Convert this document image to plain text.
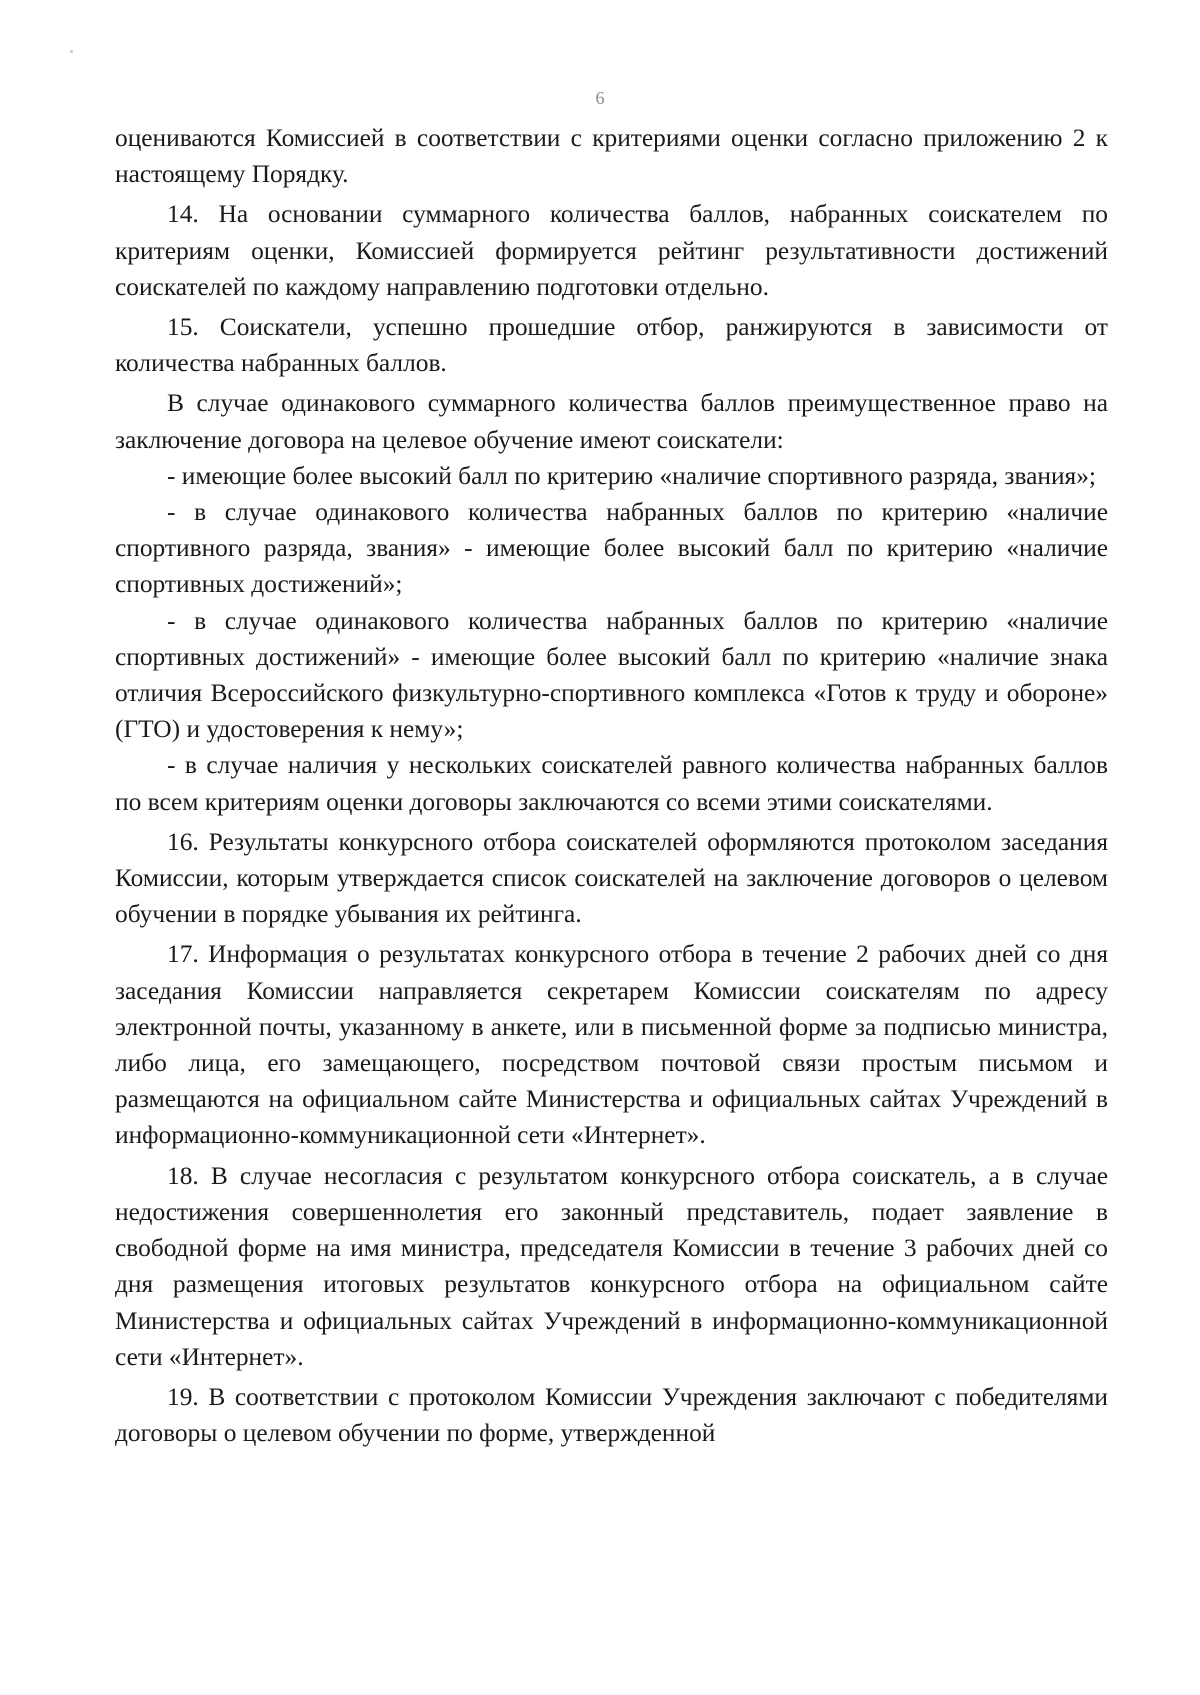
6

оцениваются Комиссией в соответствии с критериями оценки согласно приложению 2 к настоящему Порядку.

14. На основании суммарного количества баллов, набранных соискателем по критериям оценки, Комиссией формируется рейтинг результативности достижений соискателей по каждому направлению подготовки отдельно.

15. Соискатели, успешно прошедшие отбор, ранжируются в зависимости от количества набранных баллов.

В случае одинакового суммарного количества баллов преимущественное право на заключение договора на целевое обучение имеют соискатели:

- имеющие более высокий балл по критерию «наличие спортивного разряда, звания»;

- в случае одинакового количества набранных баллов по критерию «наличие спортивного разряда, звания» - имеющие более высокий балл по критерию «наличие спортивных достижений»;

- в случае одинакового количества набранных баллов по критерию «наличие спортивных достижений» - имеющие более высокий балл по критерию «наличие знака отличия Всероссийского физкультурно-спортивного комплекса «Готов к труду и обороне» (ГТО) и удостоверения к нему»;

- в случае наличия у нескольких соискателей равного количества набранных баллов по всем критериям оценки договоры заключаются со всеми этими соискателями.

16. Результаты конкурсного отбора соискателей оформляются протоколом заседания Комиссии, которым утверждается список соискателей на заключение договоров о целевом обучении в порядке убывания их рейтинга.

17. Информация о результатах конкурсного отбора в течение 2 рабочих дней со дня заседания Комиссии направляется секретарем Комиссии соискателям по адресу электронной почты, указанному в анкете, или в письменной форме за подписью министра, либо лица, его замещающего, посредством почтовой связи простым письмом и размещаются на официальном сайте Министерства и официальных сайтах Учреждений в информационно-коммуникационной сети «Интернет».

18. В случае несогласия с результатом конкурсного отбора соискатель, а в случае недостижения совершеннолетия его законный представитель, подает заявление в свободной форме на имя министра, председателя Комиссии в течение 3 рабочих дней со дня размещения итоговых результатов конкурсного отбора на официальном сайте Министерства и официальных сайтах Учреждений в информационно-коммуникационной сети «Интернет».

19. В соответствии с протоколом Комиссии Учреждения заключают с победителями договоры о целевом обучении по форме, утвержденной
